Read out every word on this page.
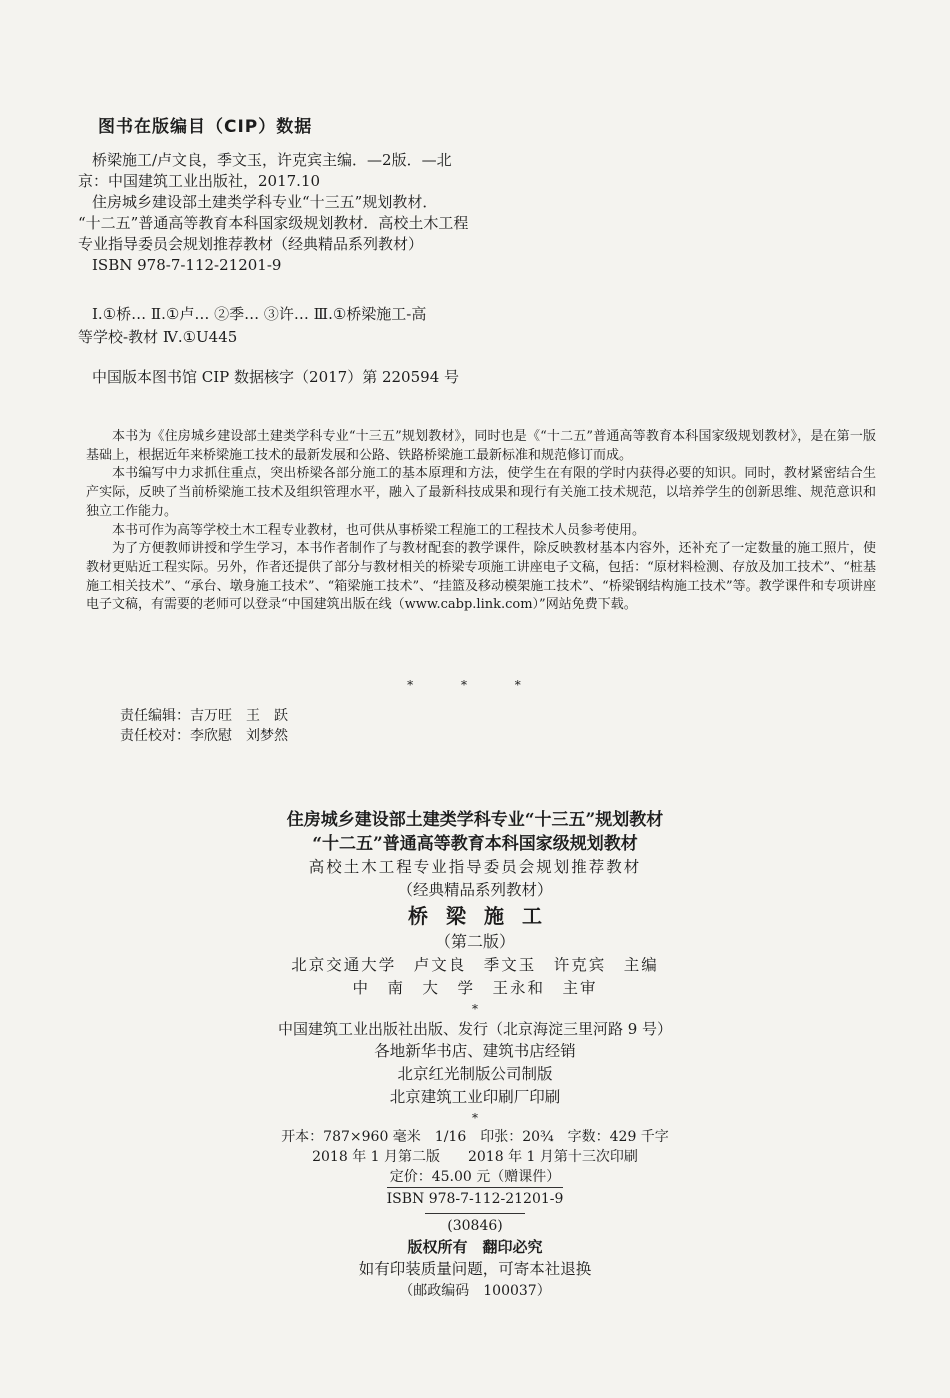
图书在版编目（CIP）数据
桥梁施工/卢文良，季文玉，许克宾主编．—2版．—北
京：中国建筑工业出版社，2017.10
住房城乡建设部土建类学科专业“十三五”规划教材．
“十二五”普通高等教育本科国家级规划教材．高校土木工程
专业指导委员会规划推荐教材（经典精品系列教材）
ISBN 978-7-112-21201-9
Ⅰ.①桥… Ⅱ.①卢… ②季… ③许… Ⅲ.①桥梁施工-高
等学校-教材 Ⅳ.①U445
中国版本图书馆 CIP 数据核字（2017）第 220594 号

本书为《住房城乡建设部土建类学科专业“十三五”规划教材》，同时也是《“十二五”普通高等教育本科国家级规划教材》，是在第一版基础上，根据近年来桥梁施工技术的最新发展和公路、铁路桥梁施工最新标准和规范修订而成。

本书编写中力求抓住重点，突出桥梁各部分施工的基本原理和方法，使学生在有限的学时内获得必要的知识。同时，教材紧密结合生产实际，反映了当前桥梁施工技术及组织管理水平，融入了最新科技成果和现行有关施工技术规范，以培养学生的创新思维、规范意识和独立工作能力。

本书可作为高等学校土木工程专业教材，也可供从事桥梁工程施工的工程技术人员参考使用。

为了方便教师讲授和学生学习，本书作者制作了与教材配套的教学课件，除反映教材基本内容外，还补充了一定数量的施工照片，使教材更贴近工程实际。另外，作者还提供了部分与教材相关的桥梁专项施工讲座电子文稿，包括：“原材料检测、存放及加工技术”、“桩基施工相关技术”、“承台、墩身施工技术”、“箱梁施工技术”、“挂篮及移动模架施工技术”、“桥梁钢结构施工技术”等。教学课件和专项讲座电子文稿，有需要的老师可以登录“中国建筑出版在线（www.cabp.link.com）”网站免费下载。

* * *
责任编辑：吉万旺　王　跃
责任校对：李欣慰　刘梦然
住房城乡建设部土建类学科专业“十三五”规划教材
“十二五”普通高等教育本科国家级规划教材
高校土木工程专业指导委员会规划推荐教材
（经典精品系列教材）
桥梁施工
（第二版）
北京交通大学　卢文良　季文玉　许克宾　主编
中　南　大　学　王永和　主审
*
中国建筑工业出版社出版、发行（北京海淀三里河路 9 号）
各地新华书店、建筑书店经销
北京红光制版公司制版
北京建筑工业印刷厂印刷
*
开本：787×960 毫米　1/16　印张：20¾　字数：429 千字
2018 年 1 月第二版　　2018 年 1 月第十三次印刷
定价：45.00 元（赠课件）
ISBN 978-7-112-21201-9
(30846)
版权所有　翻印必究
如有印装质量问题，可寄本社退换
（邮政编码　100037）
